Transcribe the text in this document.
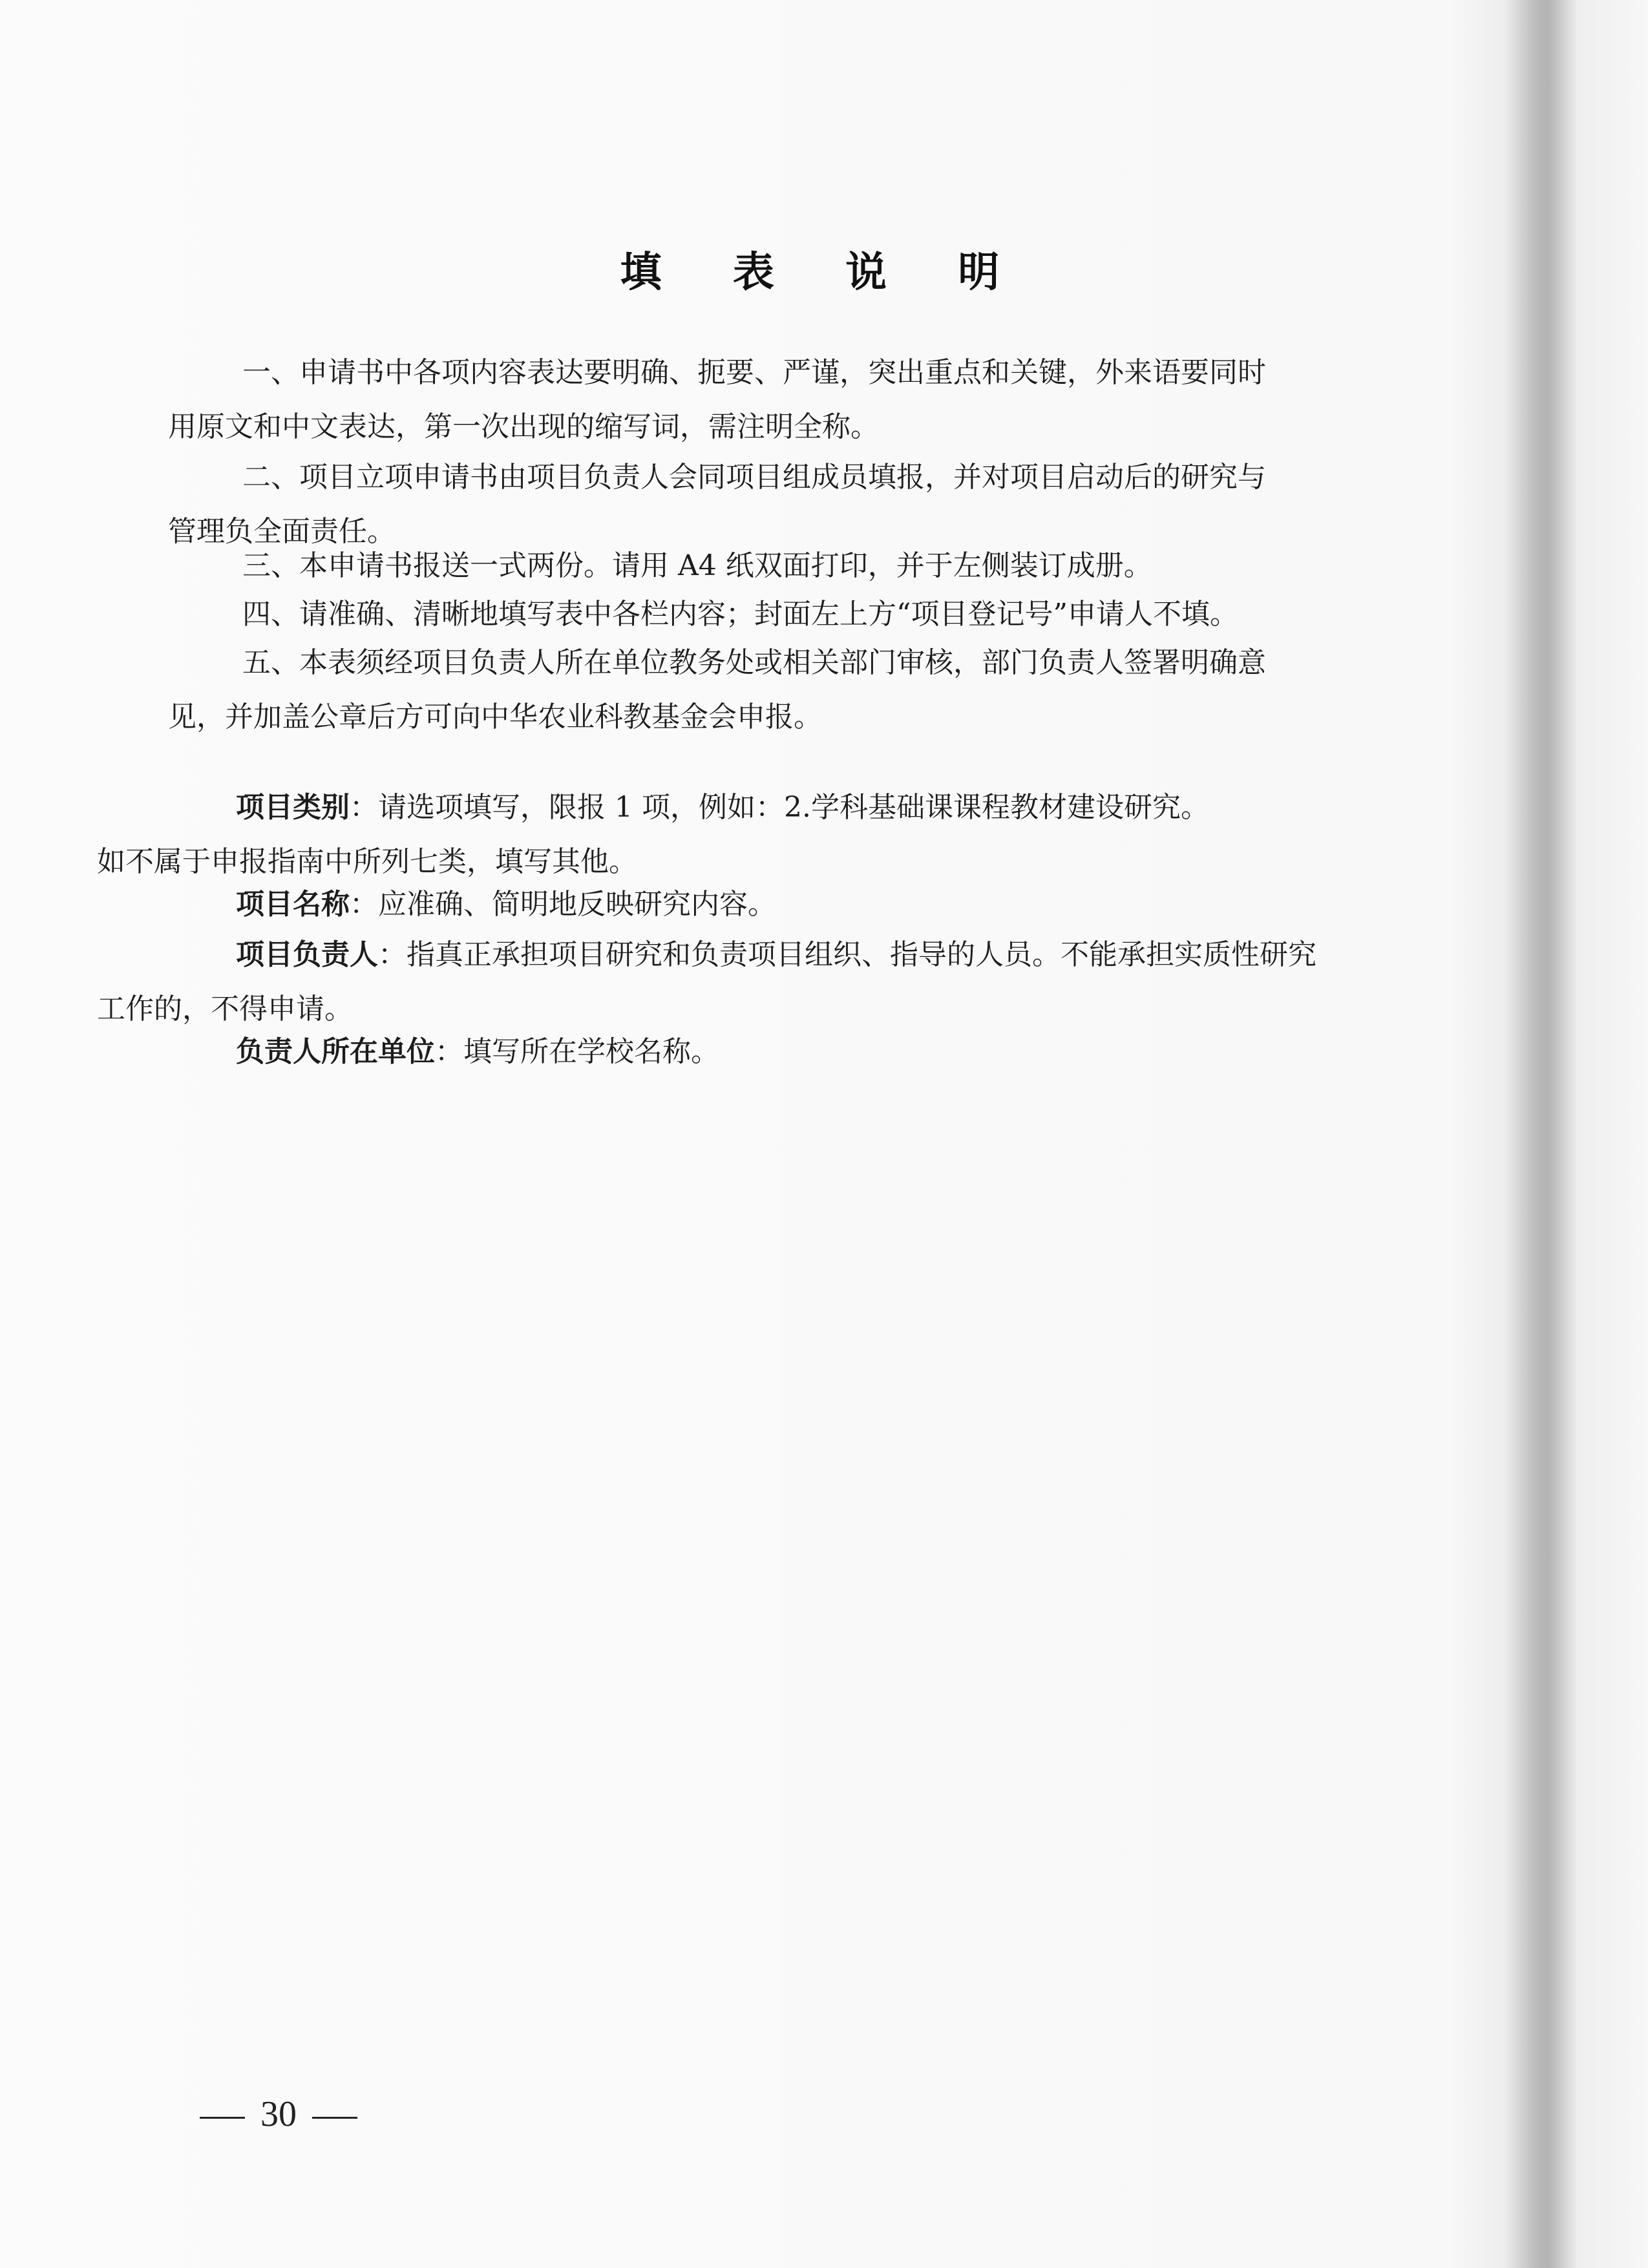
填 表 说 明

一、申请书中各项内容表达要明确、扼要、严谨，突出重点和关键，外来语要同时
用原文和中文表达，第一次出现的缩写词，需注明全称。

二、项目立项申请书由项目负责人会同项目组成员填报，并对项目启动后的研究与
管理负全面责任。

三、本申请书报送一式两份。请用 A4 纸双面打印，并于左侧装订成册。

四、请准确、清晰地填写表中各栏内容；封面左上方“项目登记号”申请人不填。

五、本表须经项目负责人所在单位教务处或相关部门审核，部门负责人签署明确意
见，并加盖公章后方可向中华农业科教基金会申报。

项目类别：请选项填写，限报 1 项，例如：2.学科基础课课程教材建设研究。
如不属于申报指南中所列七类，填写其他。

项目名称：应准确、简明地反映研究内容。

项目负责人：指真正承担项目研究和负责项目组织、指导的人员。不能承担实质性研究
工作的，不得申请。

负责人所在单位：填写所在学校名称。

30
